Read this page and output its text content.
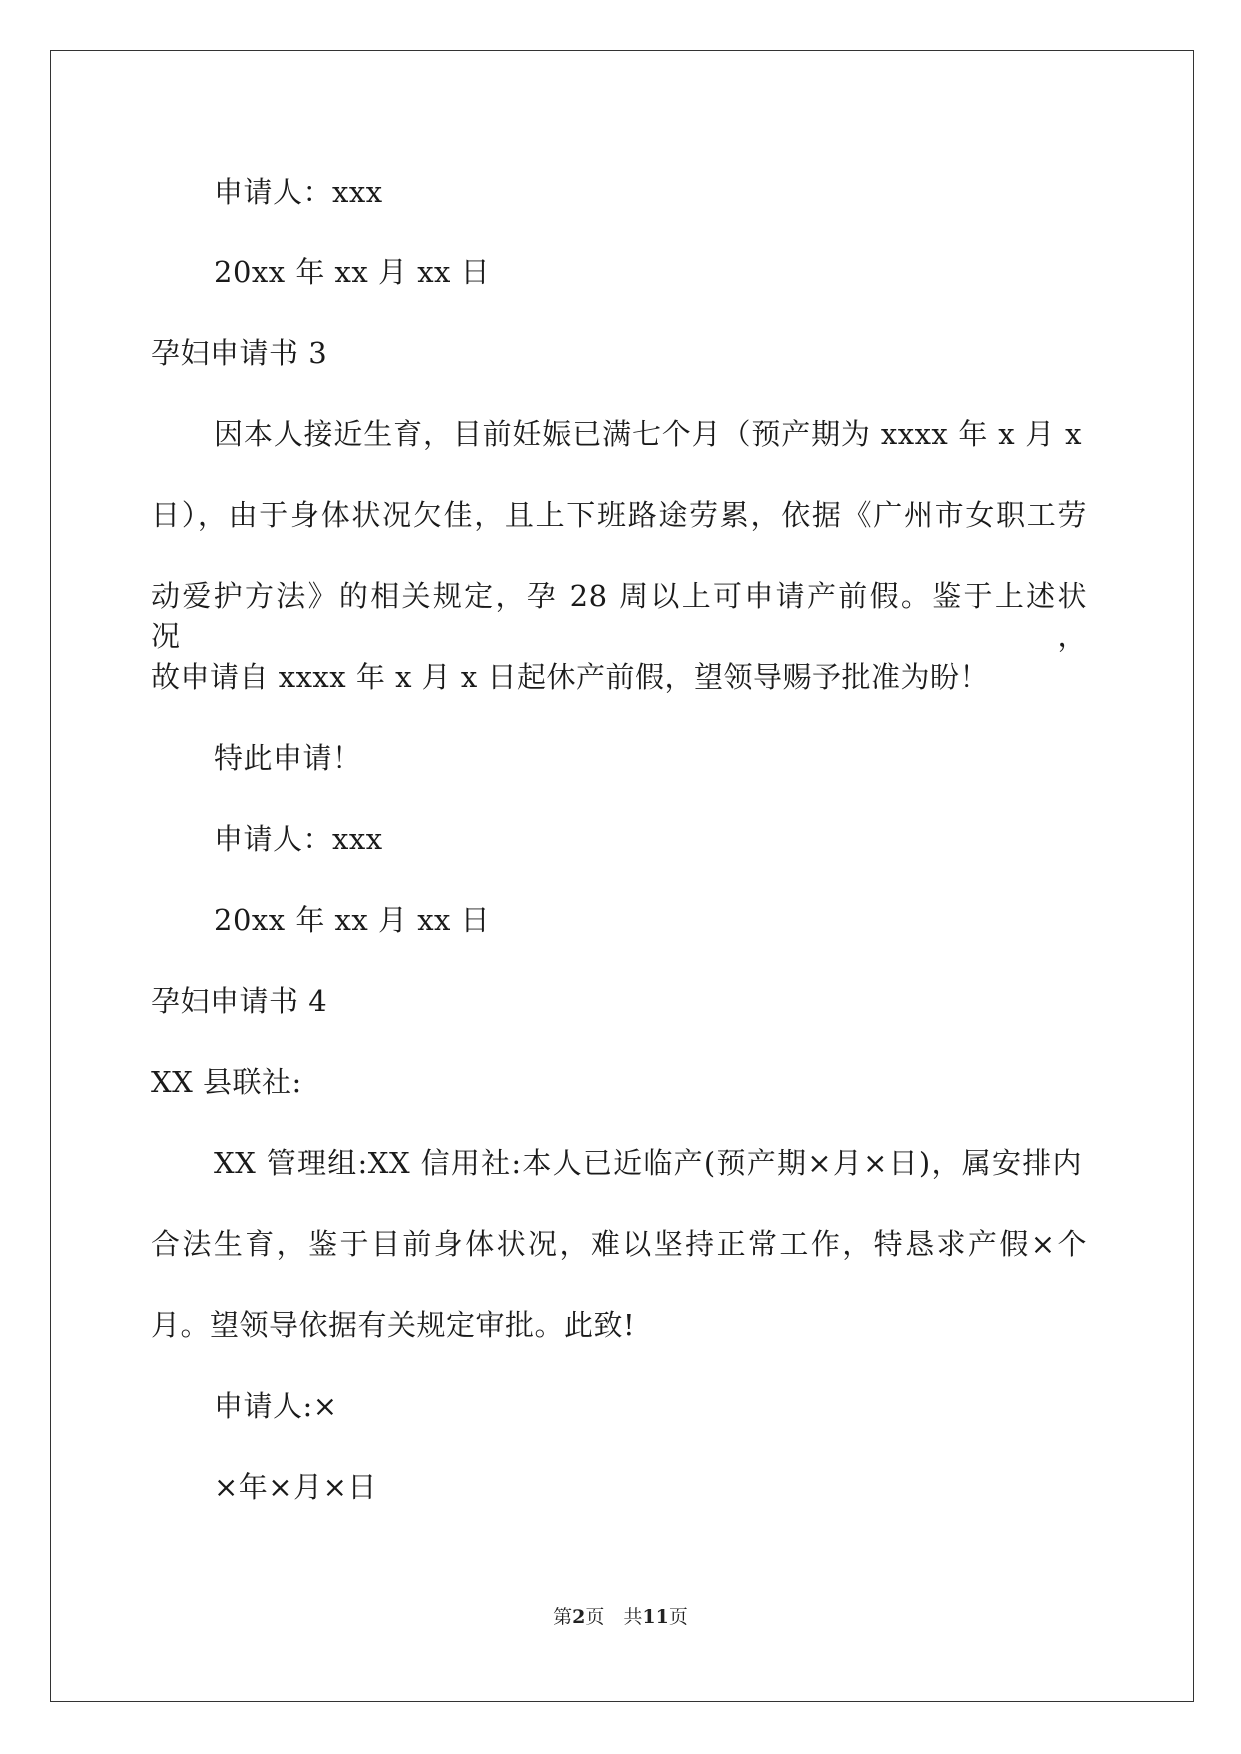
申请人：xxx
20xx 年 xx 月 xx 日
孕妇申请书 3
因本人接近生育，目前妊娠已满七个月（预产期为 xxxx 年 x 月 x
日），由于身体状况欠佳，且上下班路途劳累，依据《广州市女职工劳
动爱护方法》的相关规定，孕 28 周以上可申请产前假。鉴于上述状况，
故申请自 xxxx 年 x 月 x 日起休产前假，望领导赐予批准为盼！
特此申请！
申请人：xxx
20xx 年 xx 月 xx 日
孕妇申请书 4
XX 县联社:
XX 管理组:XX 信用社:本人已近临产(预产期×月×日)，属安排内
合法生育，鉴于目前身体状况，难以坚持正常工作，特恳求产假×个
月。望领导依据有关规定审批。此致!
申请人:×
×年×月×日
第2页　共11页
